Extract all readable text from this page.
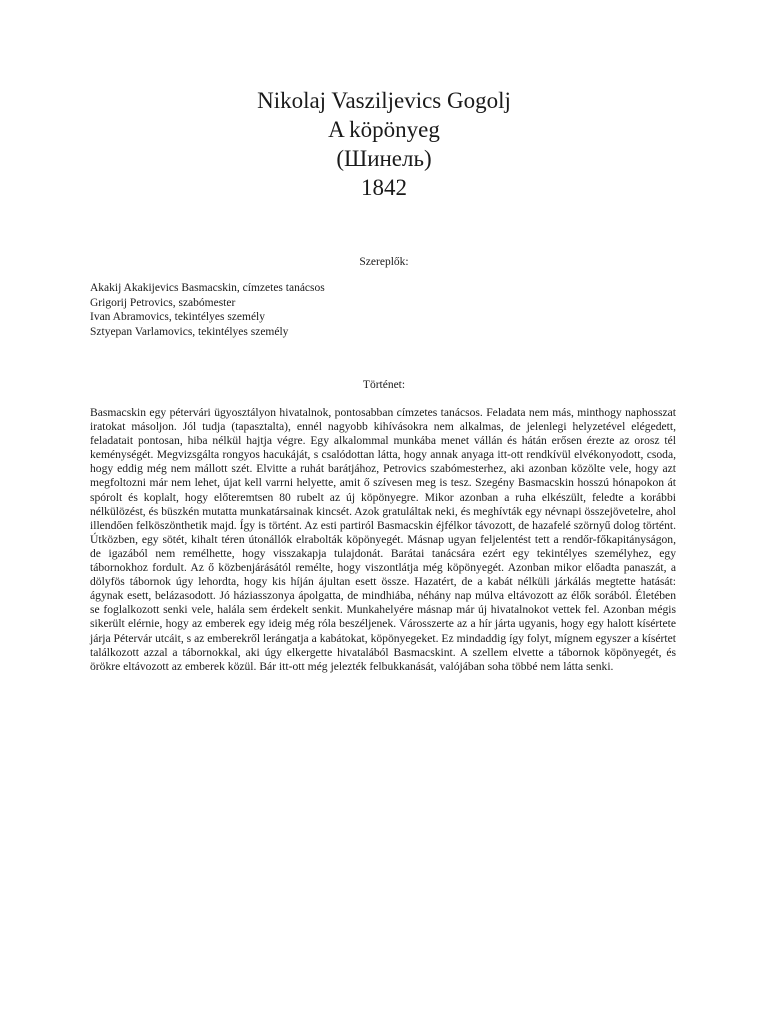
Nikolaj Vasziljevics Gogolj
A köpönyeg
(Шинель)
1842
Szereplők:
Akakij Akakijevics Basmacskin, címzetes tanácsos
Grigorij Petrovics, szabómester
Ivan Abramovics, tekintélyes személy
Sztyepan Varlamovics, tekintélyes személy
Történet:

Basmacskin egy pétervári ügyosztályon hivatalnok, pontosabban címzetes tanácsos. Feladata nem más, minthogy naphosszat iratokat másoljon. Jól tudja (tapasztalta), ennél nagyobb kihívásokra nem alkalmas, de jelenlegi helyzetével elégedett, feladatait pontosan, hiba nélkül hajtja végre. Egy alkalommal munkába menet vállán és hátán erősen érezte az orosz tél keménységét. Megvizsgálta rongyos hacukáját, s csalódottan látta, hogy annak anyaga itt-ott rendkívül elvékonyodott, csoda, hogy eddig még nem mállott szét. Elvitte a ruhát barátjához, Petrovics szabómesterhez, aki azonban közölte vele, hogy azt megfoltozni már nem lehet, újat kell varrni helyette, amit ő szívesen meg is tesz. Szegény Basmacskin hosszú hónapokon át spórolt és koplalt, hogy előteremtsen 80 rubelt az új köpönyegre. Mikor azonban a ruha elkészült, feledte a korábbi nélkülözést, és büszkén mutatta munkatársainak kincsét. Azok gratuláltak neki, és meghívták egy névnapi összejövetelre, ahol illendően felköszönthetik majd. Így is történt. Az esti partiról Basmacskin éjfélkor távozott, de hazafelé szörnyű dolog történt. Útközben, egy sötét, kihalt téren útonállók elrabolták köpönyegét. Másnap ugyan feljelentést tett a rendőr-főkapitányságon, de igazából nem remélhette, hogy visszakapja tulajdonát. Barátai tanácsára ezért egy tekintélyes személyhez, egy tábornokhoz fordult. Az ő közbenjárásától remélte, hogy viszontlátja még köpönyegét. Azonban mikor előadta panaszát, a dölyfös tábornok úgy lehordta, hogy kis híján ájultan esett össze. Hazatért, de a kabát nélküli járkálás megtette hatását: ágynak esett, belázasodott. Jó háziasszonya ápolgatta, de mindhiába, néhány nap múlva eltávozott az élők sorából. Életében se foglalkozott senki vele, halála sem érdekelt senkit. Munkahelyére másnap már új hivatalnokot vettek fel. Azonban mégis sikerült elérnie, hogy az emberek egy ideig még róla beszéljenek. Városszerte az a hír járta ugyanis, hogy egy halott kísértete járja Pétervár utcáit, s az emberekről lerángatja a kabátokat, köpönyegeket. Ez mindaddig így folyt, mígnem egyszer a kísértet találkozott azzal a tábornokkal, aki úgy elkergette hivatalából Basmacskint. A szellem elvette a tábornok köpönyegét, és örökre eltávozott az emberek közül. Bár itt-ott még jelezték felbukkanását, valójában soha többé nem látta senki.
